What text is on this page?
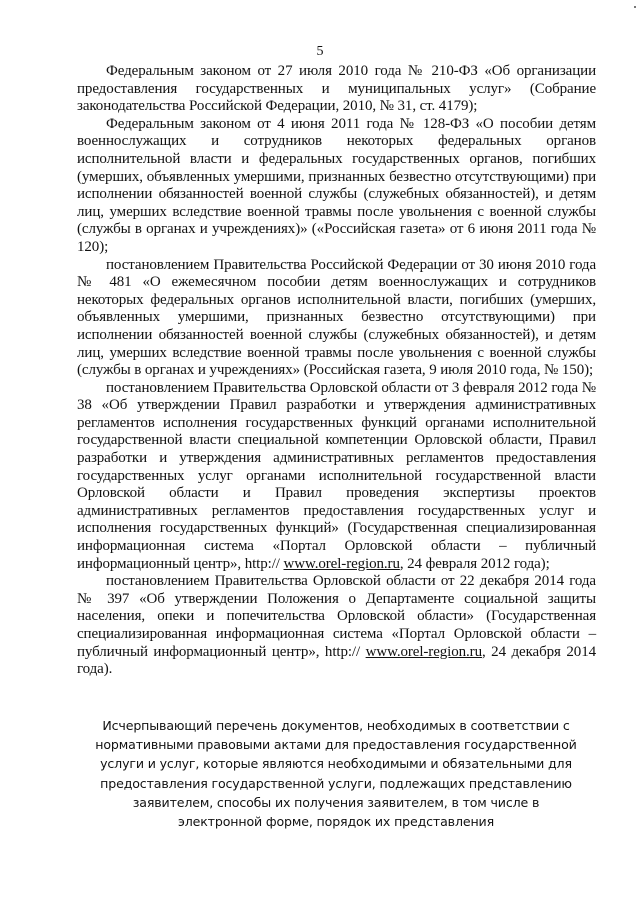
5

Федеральным законом от 27 июля 2010 года № 210-ФЗ «Об организации предоставления государственных и муниципальных услуг» (Собрание законодательства Российской Федерации, 2010, № 31, ст. 4179);

Федеральным законом от 4 июня 2011 года № 128-ФЗ «О пособии детям военнослужащих и сотрудников некоторых федеральных органов исполнительной власти и федеральных государственных органов, погибших (умерших, объявленных умершими, признанных безвестно отсутствующими) при исполнении обязанностей военной службы (служебных обязанностей), и детям лиц, умерших вследствие военной травмы после увольнения с военной службы (службы в органах и учреждениях)» («Российская газета» от 6 июня 2011 года № 120);

постановлением Правительства Российской Федерации от 30 июня 2010 года № 481 «О ежемесячном пособии детям военнослужащих и сотрудников некоторых федеральных органов исполнительной власти, погибших (умерших, объявленных умершими, признанных безвестно отсутствующими) при исполнении обязанностей военной службы (служебных обязанностей), и детям лиц, умерших вследствие военной травмы после увольнения с военной службы (службы в органах и учреждениях» (Российская газета, 9 июля 2010 года, № 150);

постановлением Правительства Орловской области от 3 февраля 2012 года № 38 «Об утверждении Правил разработки и утверждения административных регламентов исполнения государственных функций органами исполнительной государственной власти специальной компетенции Орловской области, Правил разработки и утверждения административных регламентов предоставления государственных услуг органами исполнительной государственной власти Орловской области и Правил проведения экспертизы проектов административных регламентов предоставления государственных услуг и исполнения государственных функций» (Государственная специализированная информационная система «Портал Орловской области – публичный информационный центр», http:// www.orel-region.ru, 24 февраля 2012 года);

постановлением Правительства Орловской области от 22 декабря 2014 года № 397 «Об утверждении Положения о Департаменте социальной защиты населения, опеки и попечительства Орловской области» (Государственная специализированная информационная система «Портал Орловской области – публичный информационный центр», http:// www.orel-region.ru, 24 декабря 2014 года).

Исчерпывающий перечень документов, необходимых в соответствии с нормативными правовыми актами для предоставления государственной услуги и услуг, которые являются необходимыми и обязательными для предоставления государственной услуги, подлежащих представлению заявителем, способы их получения заявителем, в том числе в электронной форме, порядок их представления
